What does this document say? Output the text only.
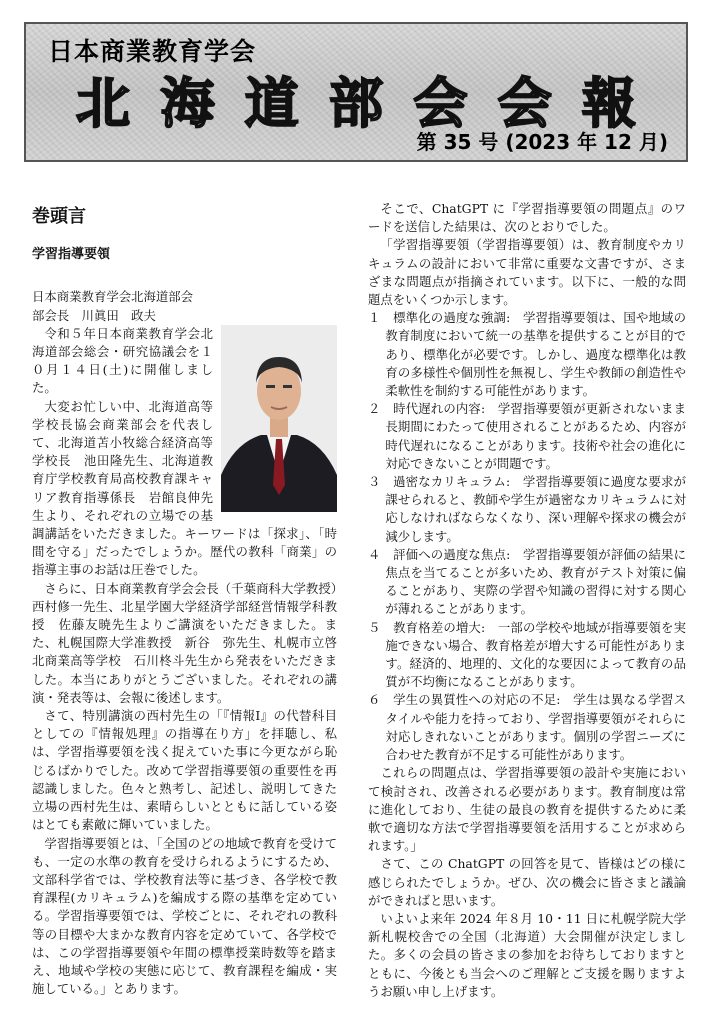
日本商業教育学会
北 海 道 部 会 会 報
第 35 号 (2023 年 12 月)
巻頭言
学習指導要領

日本商業教育学会北海道部会

部会長　川眞田　政夫

令和５年日本商業教育学会北海道部会総会・研究協議会を１０月１４日(土)に開催しました。

大変お忙しい中、北海道高等学校長協会商業部会を代表して、北海道苫小牧総合経済高等学校長　池田隆先生、北海道教育庁学校教育局高校教育課キャリア教育指導係長　岩館良伸先生より、それぞれの立場での基調講話をいただきました。キーワードは「探求」、「時間を守る」だったでしょうか。歴代の教科「商業」の指導主事のお話は圧巻でした。

さらに、日本商業教育学会会長（千葉商科大学教授）西村修一先生、北星学園大学経済学部経営情報学科教授　佐藤友暁先生よりご講演をいただきました。また、札幌国際大学准教授　新谷　弥先生、札幌市立啓北商業高等学校　石川柊斗先生から発表をいただきました。本当にありがとうございました。それぞれの講演・発表等は、会報に後述します。

さて、特別講演の西村先生の「『情報Ⅰ』の代替科目としての『情報処理』の指導在り方」を拝聴し、私は、学習指導要領を浅く捉えていた事に今更ながら恥じるばかりでした。改めて学習指導要領の重要性を再認識しました。色々と熟考し、記述し、説明してきた立場の西村先生は、素晴らしいとともに話している姿はとても素敵に輝いていました。

学習指導要領とは、「全国のどの地域で教育を受けても、一定の水準の教育を受けられるようにするため、文部科学省では、学校教育法等に基づき、各学校で教育課程(カリキュラム)を編成する際の基準を定めている。学習指導要領では、学校ごとに、それぞれの教科等の目標や大まかな教育内容を定めていて、各学校では、この学習指導要領や年間の標準授業時数等を踏まえ、地域や学校の実態に応じて、教育課程を編成・実施している。」とあります。

そこで、ChatGPT に『学習指導要領の問題点』のワードを送信した結果は、次のとおりでした。

「学習指導要領（学習指導要領）は、教育制度やカリキュラムの設計において非常に重要な文書ですが、さまざまな問題点が指摘されています。以下に、一般的な問題点をいくつか示します。

１　標準化の過度な強調:　学習指導要領は、国や地域の教育制度において統一の基準を提供することが目的であり、標準化が必要です。しかし、過度な標準化は教育の多様性や個別性を無視し、学生や教師の創造性や柔軟性を制約する可能性があります。

２　時代遅れの内容:　学習指導要領が更新されないまま長期間にわたって使用されることがあるため、内容が時代遅れになることがあります。技術や社会の進化に対応できないことが問題です。

３　過密なカリキュラム:　学習指導要領に過度な要求が課せられると、教師や学生が過密なカリキュラムに対応しなければならなくなり、深い理解や探求の機会が減少します。

４　評価への過度な焦点:　学習指導要領が評価の結果に焦点を当てることが多いため、教育がテスト対策に偏ることがあり、実際の学習や知識の習得に対する関心が薄れることがあります。

５　教育格差の増大:　一部の学校や地域が指導要領を実施できない場合、教育格差が増大する可能性があります。経済的、地理的、文化的な要因によって教育の品質が不均衡になることがあります。

６　学生の異質性への対応の不足:　学生は異なる学習スタイルや能力を持っており、学習指導要領がそれらに対応しきれないことがあります。個別の学習ニーズに合わせた教育が不足する可能性があります。

これらの問題点は、学習指導要領の設計や実施において検討され、改善される必要があります。教育制度は常に進化しており、生徒の最良の教育を提供するために柔軟で適切な方法で学習指導要領を活用することが求められます。」

さて、この ChatGPT の回答を見て、皆様はどの様に感じられたでしょうか。ぜひ、次の機会に皆さまと議論ができればと思います。

いよいよ来年 2024 年８月 10・11 日に札幌学院大学新札幌校舎での全国（北海道）大会開催が決定しました。多くの会員の皆さまの参加をお待ちしておりますとともに、今後とも当会へのご理解とご支援を賜りますようお願い申し上げます。
